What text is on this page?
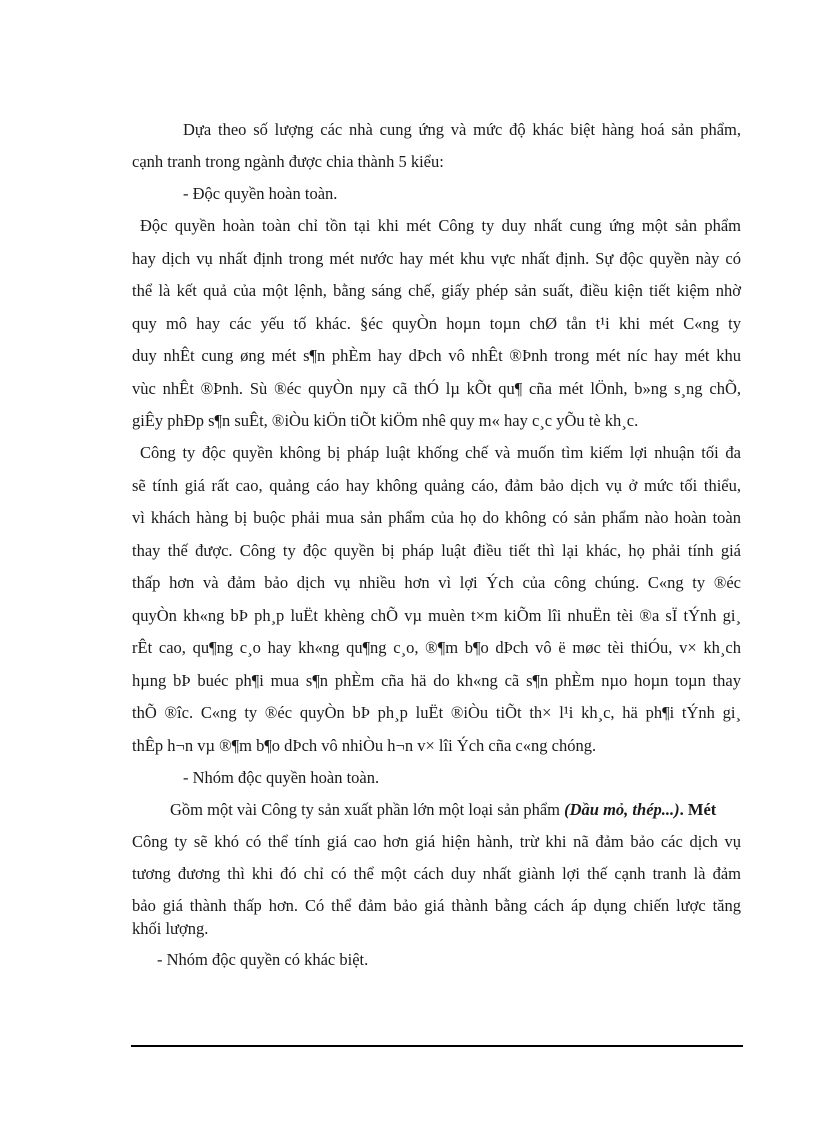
Dựa theo số lượng các nhà cung ứng và mức độ khác biệt hàng hoá sản phẩm,
cạnh tranh trong ngành được chia thành 5 kiểu:
- Độc quyền hoàn toàn.
Độc quyền hoàn toàn chỉ tồn tại khi mét Công ty duy nhất cung ứng một sản phẩm
hay dịch vụ nhất định trong mét nước hay mét khu vực nhất định. Sự độc quyền này có
thể là kết quả của một lệnh, bằng sáng chế, giấy phép sản suất, điều kiện tiết kiệm nhờ
quy mô hay các yếu tố khác. §éc quyÒn hoµn toµn chØ tån t¹i khi mét C«ng ty
duy nhÊt cung øng mét s¶n phÈm hay dÞch vô nhÊt ®Þnh trong mét níc hay mét khu
vùc nhÊt ®Þnh. Sù ®éc quyÒn nµy cã thÓ lµ kÕt qu¶ cña mét lÖnh, b»ng s¸ng chÕ,
giÊy phÐp s¶n suÊt, ®iÒu kiÖn tiÕt kiÖm nhê quy m« hay c¸c yÕu tè kh¸c.
Công ty độc quyền không bị pháp luật khống chế và muốn tìm kiếm lợi nhuận tối đa
sẽ tính giá rất cao, quảng cáo hay không quảng cáo, đảm bảo dịch vụ ở mức tối thiểu,
vì khách hàng bị buộc phải mua sản phẩm của họ do không có sản phẩm nào hoàn toàn
thay thế được. Công ty độc quyền bị pháp luật điều tiết thì lại khác, họ phải tính giá
thấp hơn và đảm bảo dịch vụ nhiều hơn vì lợi Ých của công chúng. C«ng ty ®éc
quyÒn kh«ng bÞ ph¸p luËt khèng chÕ vµ muèn t×m kiÕm lîi nhuËn tèi ®a sÏ tÝnh gi¸
rÊt cao, qu¶ng c¸o hay kh«ng qu¶ng c¸o, ®¶m b¶o dÞch vô ë møc tèi thiÓu, v× kh¸ch
hµng bÞ buéc ph¶i mua s¶n phÈm cña hä do kh«ng cã s¶n phÈm nµo hoµn toµn thay
thÕ ®îc. C«ng ty ®éc quyÒn bÞ ph¸p luËt ®iÒu tiÕt th× l¹i kh¸c, hä ph¶i tÝnh gi¸
thÊp h¬n vµ ®¶m b¶o dÞch vô nhiÒu h¬n v× lîi Ých cña c«ng chóng.
- Nhóm độc quyền hoàn toàn.
Gồm một vài Công ty sản xuất phần lớn một loại sản phẩm (Dầu mỏ, thép...). Mét
Công ty sẽ khó có thể tính giá cao hơn giá hiện hành, trừ khi nã đảm bảo các dịch vụ
tương đương thì khi đó chỉ có thể một cách duy nhất giành lợi thế cạnh tranh là đảm
bảo giá thành thấp hơn. Có thể đảm bảo giá thành bằng cách áp dụng chiến lược tăng
khối lượng.
- Nhóm độc quyền có khác biệt.
